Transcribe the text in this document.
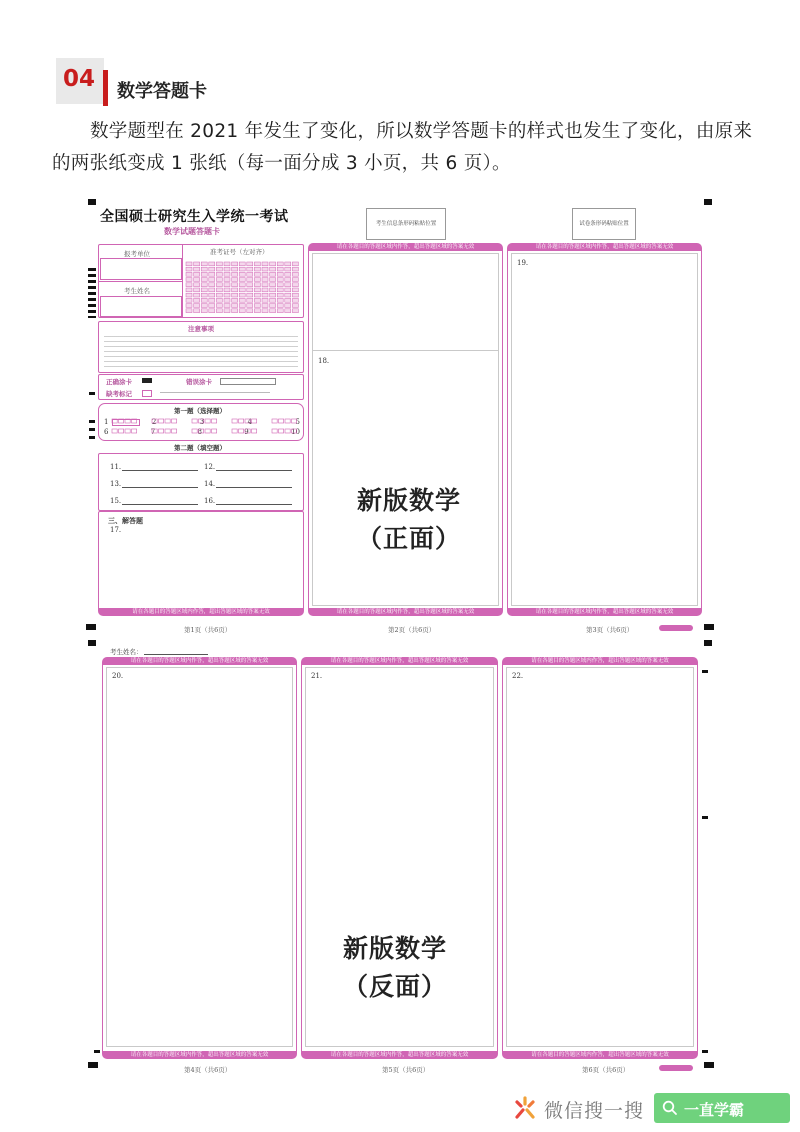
04 数学答题卡
数学题型在 2021 年发生了变化，所以数学答题卡的样式也发生了变化，由原来的两张纸变成 1 张纸（每一面分成 3 小页，共 6 页）。
全国硕士研究生入学统一考试
数学试题答题卡
考生信息条形码粘贴位置	试卷条形码粘贴位置
报考单位
考生姓名
准考证号（左对齐）
注意事项
正确涂卡	错误涂卡
缺考标记
第一题（选择题）
1	2	3	4	5
6	7	8	9	10
第二题（填空题）
11.	12.
13.	14.
15.	16.
三、解答题
17.
请在各题目的答题区域内作答，超出答题区域的答案无效
第1页（共6页）
请在各题目的答题区域内作答，超出答题区域的答案无效
18.
请在各题目的答题区域内作答，超出答题区域的答案无效
第2页（共6页）
请在各题目的答题区域内作答，超出答题区域的答案无效
19.
请在各题目的答题区域内作答，超出答题区域的答案无效
第3页（共6页）
新版数学
（正面）
考生姓名：
请在各题目的答题区域内作答，超出答题区域的答案无效
20.
请在各题目的答题区域内作答，超出答题区域的答案无效
第4页（共6页）
请在各题目的答题区域内作答，超出答题区域的答案无效
21.
请在各题目的答题区域内作答，超出答题区域的答案无效
第5页（共6页）
请在各题目的答题区域内作答，超出答题区域的答案无效
22.
请在各题目的答题区域内作答，超出答题区域的答案无效
第6页（共6页）
新版数学
（反面）
微信搜一搜	一直学霸
